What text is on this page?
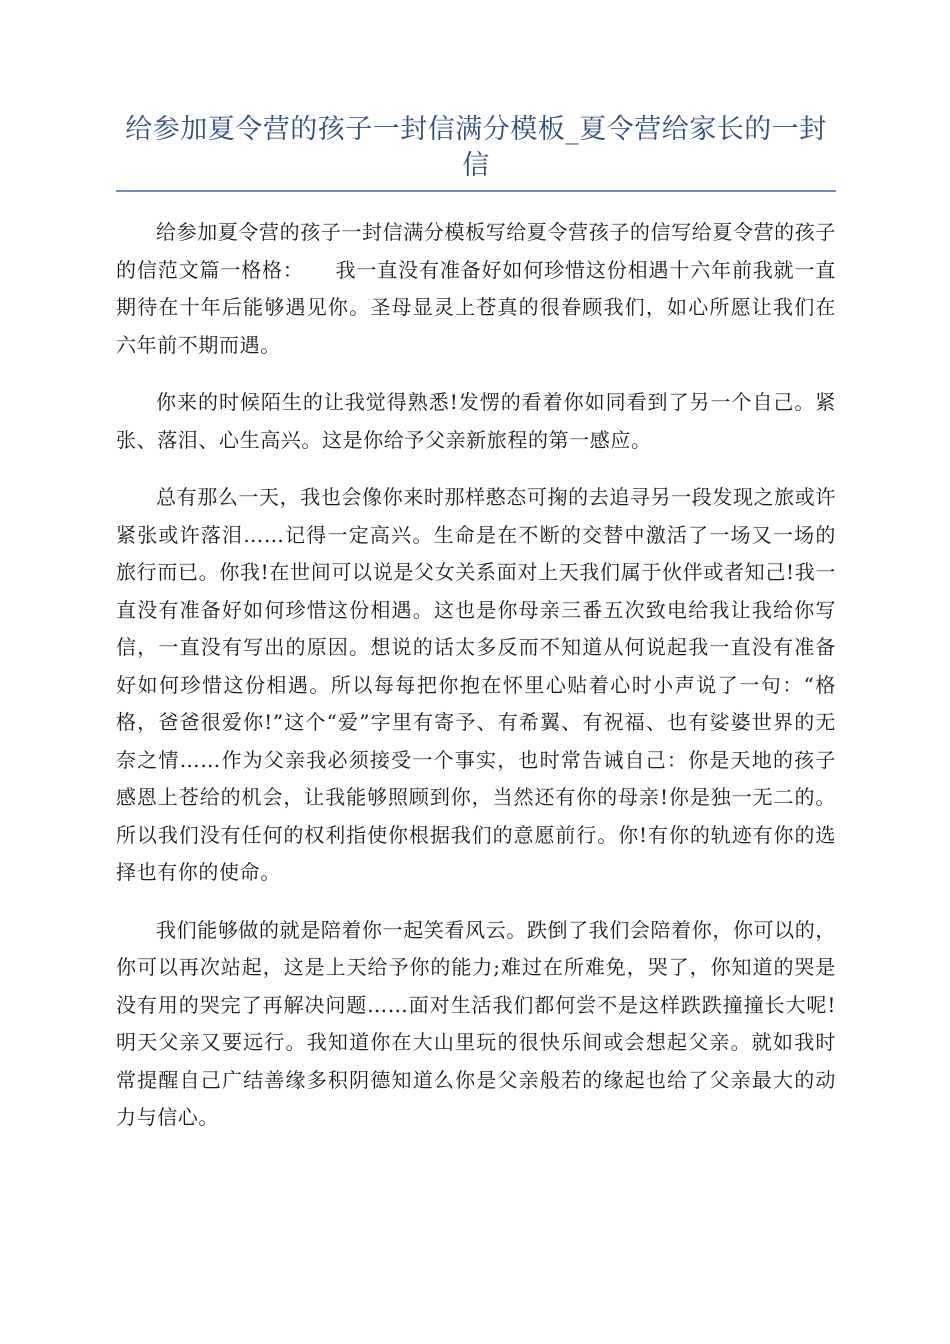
给参加夏令营的孩子一封信满分模板_夏令营给家长的一封信

给参加夏令营的孩子一封信满分模板写给夏令营孩子的信写给夏令营的孩子的信范文篇一格格：　　我一直没有准备好如何珍惜这份相遇十六年前我就一直期待在十年后能够遇见你。圣母显灵上苍真的很眷顾我们，如心所愿让我们在六年前不期而遇。

你来的时候陌生的让我觉得熟悉!发愣的看着你如同看到了另一个自己。紧张、落泪、心生高兴。这是你给予父亲新旅程的第一感应。

总有那么一天，我也会像你来时那样憨态可掬的去追寻另一段发现之旅或许紧张或许落泪……记得一定高兴。生命是在不断的交替中激活了一场又一场的旅行而已。你我!在世间可以说是父女关系面对上天我们属于伙伴或者知己!我一直没有准备好如何珍惜这份相遇。这也是你母亲三番五次致电给我让我给你写信，一直没有写出的原因。想说的话太多反而不知道从何说起我一直没有准备好如何珍惜这份相遇。所以每每把你抱在怀里心贴着心时小声说了一句：“格格，爸爸很爱你!”这个“爱”字里有寄予、有希翼、有祝福、也有娑婆世界的无奈之情……作为父亲我必须接受一个事实，也时常告诫自己：你是天地的孩子感恩上苍给的机会，让我能够照顾到你，当然还有你的母亲!你是独一无二的。所以我们没有任何的权利指使你根据我们的意愿前行。你!有你的轨迹有你的选择也有你的使命。

我们能够做的就是陪着你一起笑看风云。跌倒了我们会陪着你，你可以的，你可以再次站起，这是上天给予你的能力;难过在所难免，哭了，你知道的哭是没有用的哭完了再解决问题……面对生活我们都何尝不是这样跌跌撞撞长大呢!明天父亲又要远行。我知道你在大山里玩的很快乐间或会想起父亲。就如我时常提醒自己广结善缘多积阴德知道么你是父亲般若的缘起也给了父亲最大的动力与信心。
